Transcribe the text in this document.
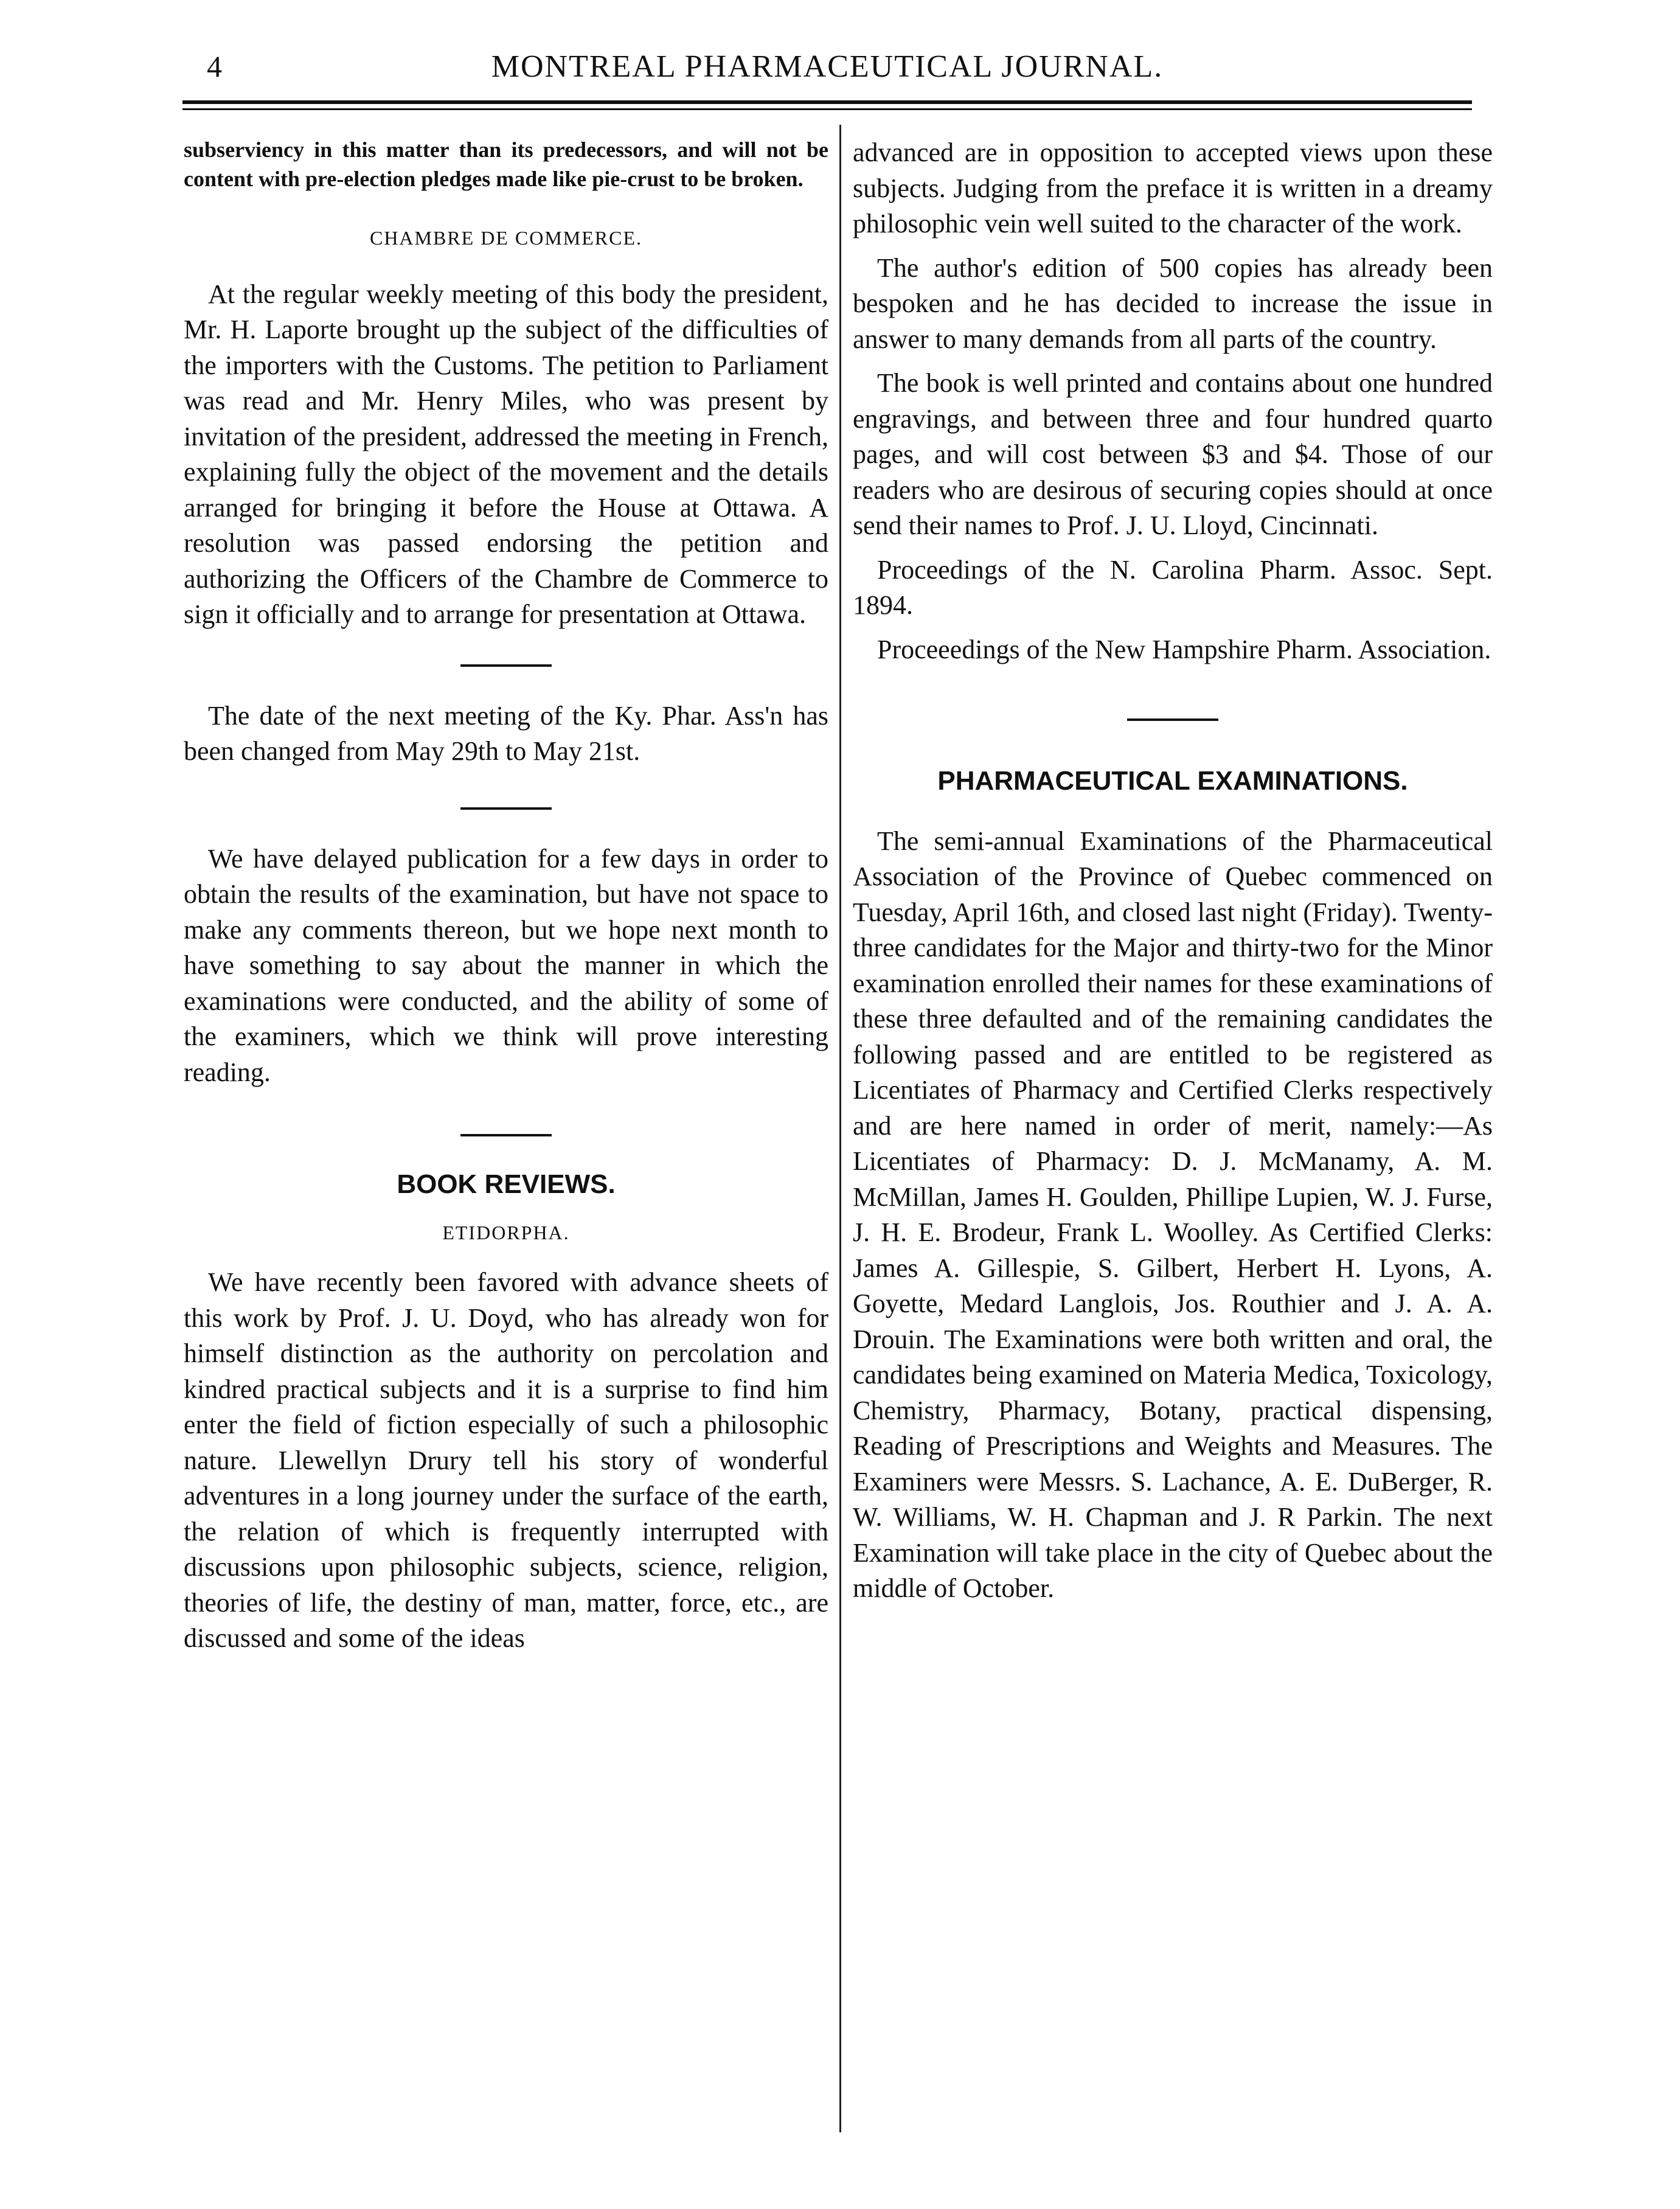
4	MONTREAL PHARMACEUTICAL JOURNAL.

subserviency in this matter than its predecessors, and will not be content with pre-election pledges made like pie-crust to be broken.

CHAMBRE DE COMMERCE.

At the regular weekly meeting of this body the president, Mr. H. Laporte brought up the subject of the difficulties of the importers with the Customs. The petition to Parliament was read and Mr. Henry Miles, who was present by invitation of the president, addressed the meeting in French, explaining fully the object of the movement and the details arranged for bringing it before the House at Ottawa. A resolution was passed endorsing the petition and authorizing the Officers of the Chambre de Commerce to sign it officially and to arrange for presentation at Ottawa.

The date of the next meeting of the Ky. Phar. Ass'n has been changed from May 29th to May 21st.

We have delayed publication for a few days in order to obtain the results of the examination, but have not space to make any comments thereon, but we hope next month to have something to say about the manner in which the examinations were conducted, and the ability of some of the examiners, which we think will prove interesting reading.

BOOK REVIEWS.

ETIDORPHA.

We have recently been favored with advance sheets of this work by Prof. J. U. Doyd, who has already won for himself distinction as the authority on percolation and kindred practical subjects and it is a surprise to find him enter the field of fiction especially of such a philosophic nature. Llewellyn Drury tell his story of wonderful adventures in a long journey under the surface of the earth, the relation of which is frequently interrupted with discussions upon philosophic subjects, science, religion, theories of life, the destiny of man, matter, force, etc., are discussed and some of the ideas

advanced are in opposition to accepted views upon these subjects. Judging from the preface it is written in a dreamy philosophic vein well suited to the character of the work.

The author's edition of 500 copies has already been bespoken and he has decided to increase the issue in answer to many demands from all parts of the country.

The book is well printed and contains about one hundred engravings, and between three and four hundred quarto pages, and will cost between $3 and $4. Those of our readers who are desirous of securing copies should at once send their names to Prof. J. U. Lloyd, Cincinnati.

Proceedings of the N. Carolina Pharm. Assoc. Sept. 1894.

Proceeedings of the New Hampshire Pharm. Association.

PHARMACEUTICAL EXAMINATIONS.

The semi-annual Examinations of the Pharmaceutical Association of the Province of Quebec commenced on Tuesday, April 16th, and closed last night (Friday). Twenty-three candidates for the Major and thirty-two for the Minor examination enrolled their names for these examinations of these three defaulted and of the remaining candidates the following passed and are entitled to be registered as Licentiates of Pharmacy and Certified Clerks respectively and are here named in order of merit, namely:—As Licentiates of Pharmacy: D. J. McManamy, A. M. McMillan, James H. Goulden, Phillipe Lupien, W. J. Furse, J. H. E. Brodeur, Frank L. Woolley. As Certified Clerks: James A. Gillespie, S. Gilbert, Herbert H. Lyons, A. Goyette, Medard Langlois, Jos. Routhier and J. A. A. Drouin. The Examinations were both written and oral, the candidates being examined on Materia Medica, Toxicology, Chemistry, Pharmacy, Botany, practical dispensing, Reading of Prescriptions and Weights and Measures. The Examiners were Messrs. S. Lachance, A. E. DuBerger, R. W. Williams, W. H. Chapman and J. R Parkin. The next Examination will take place in the city of Quebec about the middle of October.
